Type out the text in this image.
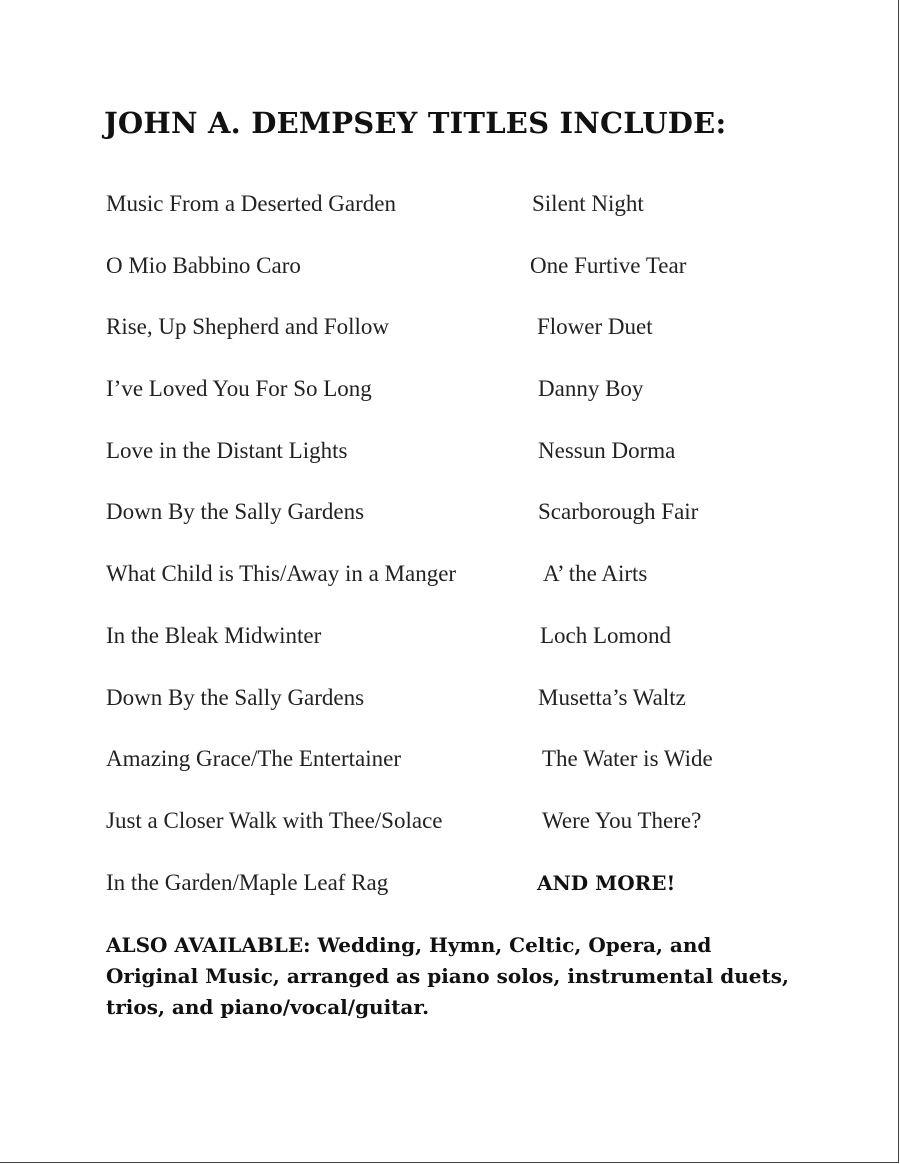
JOHN A. DEMPSEY TITLES INCLUDE:
Music From a Deserted Garden	Silent Night
O Mio Babbino Caro	One Furtive Tear
Rise, Up Shepherd and Follow	Flower Duet
I’ve Loved You For So Long	Danny Boy
Love in the Distant Lights	Nessun Dorma
Down By the Sally Gardens	Scarborough Fair
What Child is This/Away in a Manger	A’ the Airts
In the Bleak Midwinter	Loch Lomond
Down By the Sally Gardens	Musetta’s Waltz
Amazing Grace/The Entertainer	The Water is Wide
Just a Closer Walk with Thee/Solace	Were You There?
In the Garden/Maple Leaf Rag	AND MORE!

ALSO AVAILABLE: Wedding, Hymn, Celtic, Opera, and Original Music, arranged as piano solos, instrumental duets, trios, and piano/vocal/guitar.
